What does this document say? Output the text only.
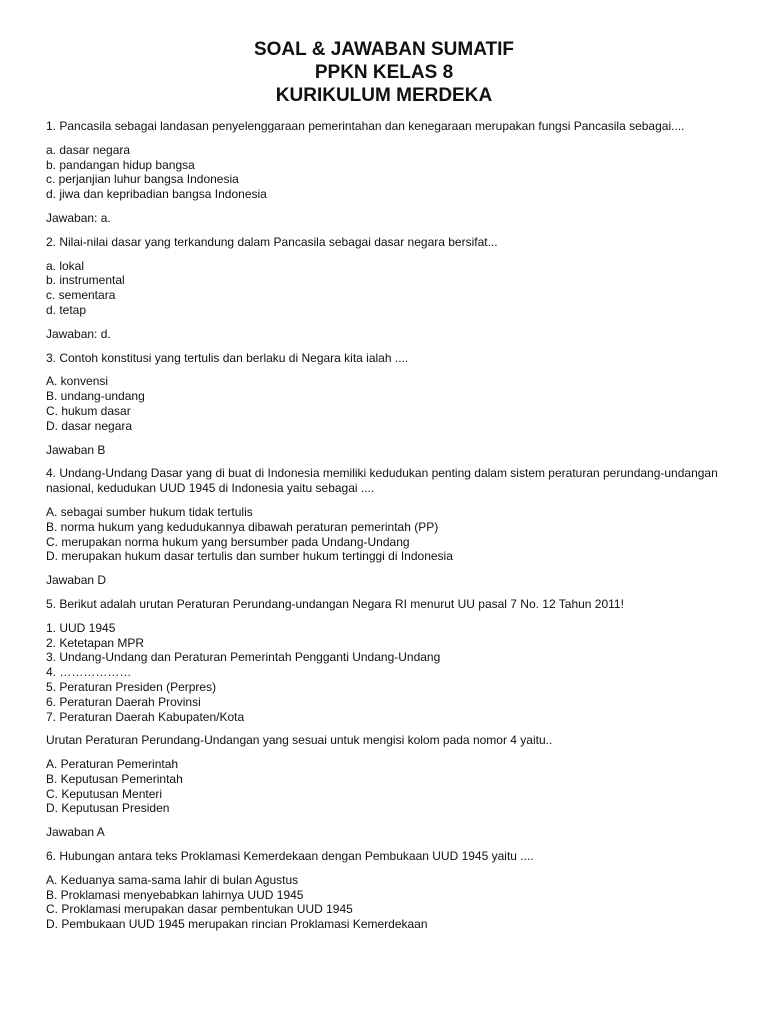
SOAL & JAWABAN SUMATIF
PPKN KELAS 8
KURIKULUM MERDEKA
1. Pancasila sebagai landasan penyelenggaraan pemerintahan dan kenegaraan merupakan fungsi Pancasila sebagai....
a. dasar negara
b. pandangan hidup bangsa
c. perjanjian luhur bangsa Indonesia
d. jiwa dan kepribadian bangsa Indonesia
Jawaban: a.
2. Nilai-nilai dasar yang terkandung dalam Pancasila sebagai dasar negara bersifat...
a. lokal
b. instrumental
c. sementara
d. tetap
Jawaban: d.
3. Contoh konstitusi yang tertulis dan berlaku di Negara kita ialah ....
A. konvensi
B. undang-undang
C. hukum dasar
D. dasar negara
Jawaban B
4. Undang-Undang Dasar yang di buat di Indonesia memiliki kedudukan penting dalam sistem peraturan perundang-undangan nasional, kedudukan UUD 1945 di Indonesia yaitu sebagai ....
A. sebagai sumber hukum tidak tertulis
B. norma hukum yang kedudukannya dibawah peraturan pemerintah (PP)
C. merupakan norma hukum yang bersumber pada Undang-Undang
D. merupakan hukum dasar tertulis dan sumber hukum tertinggi di Indonesia
Jawaban D
5. Berikut adalah urutan Peraturan Perundang-undangan Negara RI menurut UU pasal 7 No. 12 Tahun 2011!
1. UUD 1945
2. Ketetapan MPR
3. Undang-Undang dan Peraturan Pemerintah Pengganti Undang-Undang
4. ………………
5. Peraturan Presiden (Perpres)
6. Peraturan Daerah Provinsi
7. Peraturan Daerah Kabupaten/Kota
Urutan Peraturan Perundang-Undangan yang sesuai untuk mengisi kolom pada nomor 4 yaitu..
A. Peraturan Pemerintah
B. Keputusan Pemerintah
C. Keputusan Menteri
D. Keputusan Presiden
Jawaban A
6. Hubungan antara teks Proklamasi Kemerdekaan dengan Pembukaan UUD 1945 yaitu ....
A. Keduanya sama-sama lahir di bulan Agustus
B. Proklamasi menyebabkan lahirnya UUD 1945
C. Proklamasi merupakan dasar pembentukan UUD 1945
D. Pembukaan UUD 1945 merupakan rincian Proklamasi Kemerdekaan
